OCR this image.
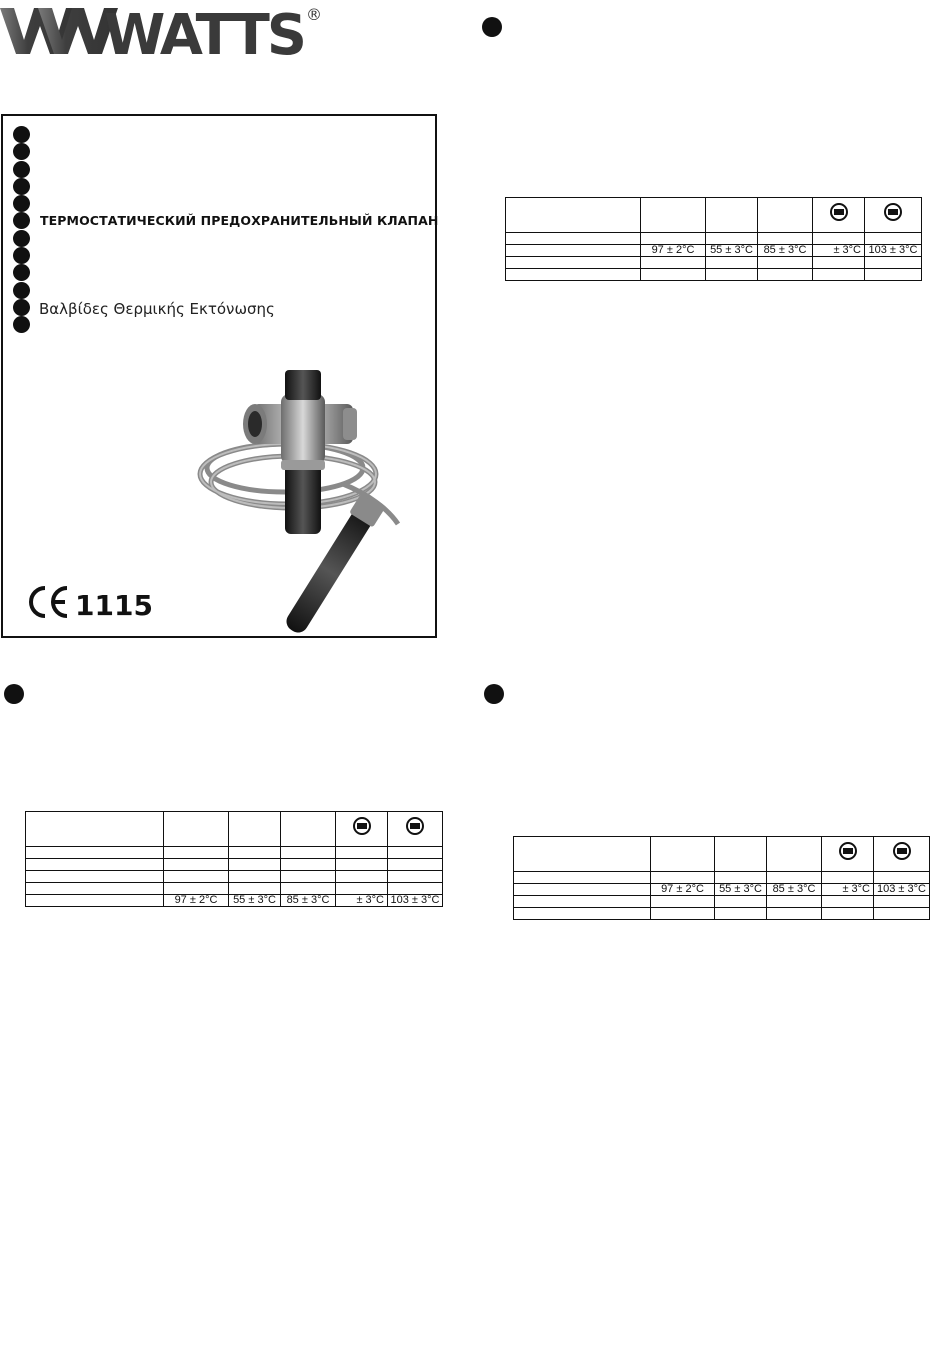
WATTS ®
ТЕРМОСТАТИЧЕСКИЙ ПРЕДОХРАНИТЕЛЬНЫЙ КЛАПАН
Βαλβίδες Θερμικής Εκτόνωσης
1115

	97 ± 2°C	55 ± 3°C	85 ± 3°C	± 3°C	103 ± 3°C

	97 ± 2°C	55 ± 3°C	85 ± 3°C	± 3°C	103 ± 3°C

	97 ± 2°C	55 ± 3°C	85 ± 3°C	± 3°C	103 ± 3°C
